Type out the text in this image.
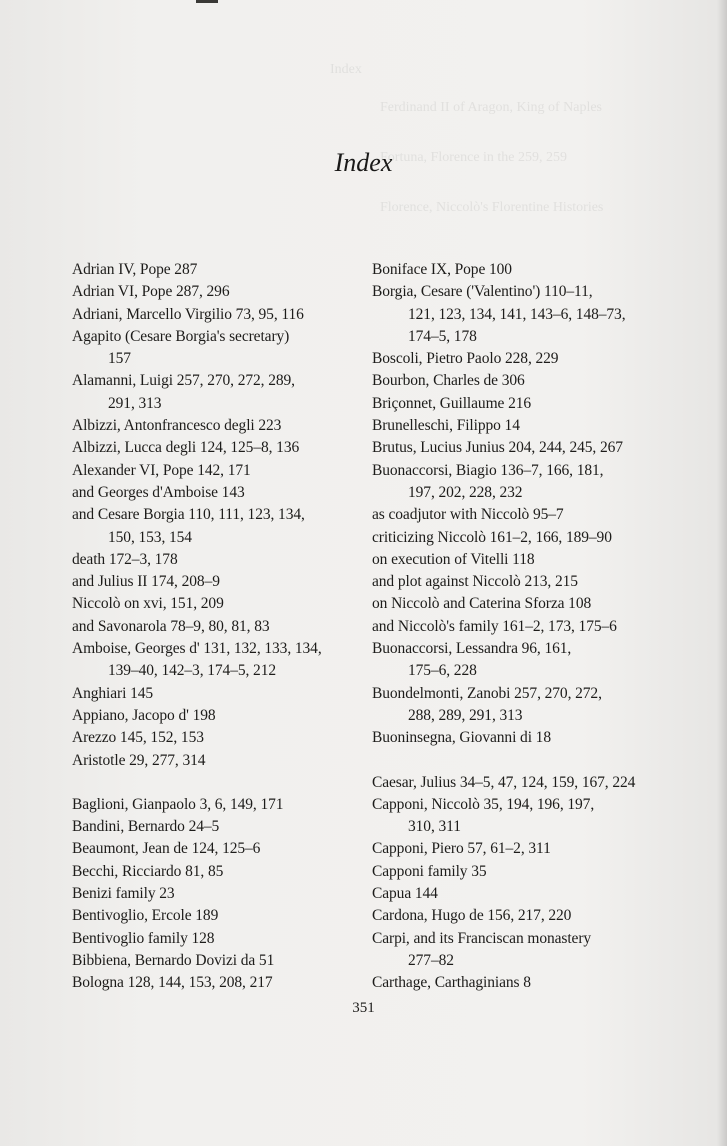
Index
Ferdinand II of Aragon, King of Naples
Fortuna, Florence in the 259, 259
Florence, Niccolò's Florentine Histories
Index
Adrian IV, Pope 287
Adrian VI, Pope 287, 296
Adriani, Marcello Virgilio 73, 95, 116
Agapito (Cesare Borgia's secretary)
157
Alamanni, Luigi 257, 270, 272, 289,
291, 313
Albizzi, Antonfrancesco degli 223
Albizzi, Lucca degli 124, 125–8, 136
Alexander VI, Pope 142, 171
and Georges d'Amboise 143
and Cesare Borgia 110, 111, 123, 134,
150, 153, 154
death 172–3, 178
and Julius II 174, 208–9
Niccolò on xvi, 151, 209
and Savonarola 78–9, 80, 81, 83
Amboise, Georges d' 131, 132, 133, 134,
139–40, 142–3, 174–5, 212
Anghiari 145
Appiano, Jacopo d' 198
Arezzo 145, 152, 153
Aristotle 29, 277, 314
Baglioni, Gianpaolo 3, 6, 149, 171
Bandini, Bernardo 24–5
Beaumont, Jean de 124, 125–6
Becchi, Ricciardo 81, 85
Benizi family 23
Bentivoglio, Ercole 189
Bentivoglio family 128
Bibbiena, Bernardo Dovizi da 51
Bologna 128, 144, 153, 208, 217
Boniface IX, Pope 100
Borgia, Cesare ('Valentino') 110–11,
121, 123, 134, 141, 143–6, 148–73,
174–5, 178
Boscoli, Pietro Paolo 228, 229
Bourbon, Charles de 306
Briçonnet, Guillaume 216
Brunelleschi, Filippo 14
Brutus, Lucius Junius 204, 244, 245, 267
Buonaccorsi, Biagio 136–7, 166, 181,
197, 202, 228, 232
as coadjutor with Niccolò 95–7
criticizing Niccolò 161–2, 166, 189–90
on execution of Vitelli 118
and plot against Niccolò 213, 215
on Niccolò and Caterina Sforza 108
and Niccolò's family 161–2, 173, 175–6
Buonaccorsi, Lessandra 96, 161,
175–6, 228
Buondelmonti, Zanobi 257, 270, 272,
288, 289, 291, 313
Buoninsegna, Giovanni di 18
Caesar, Julius 34–5, 47, 124, 159, 167, 224
Capponi, Niccolò 35, 194, 196, 197,
310, 311
Capponi, Piero 57, 61–2, 311
Capponi family 35
Capua 144
Cardona, Hugo de 156, 217, 220
Carpi, and its Franciscan monastery
277–82
Carthage, Carthaginians 8
351
